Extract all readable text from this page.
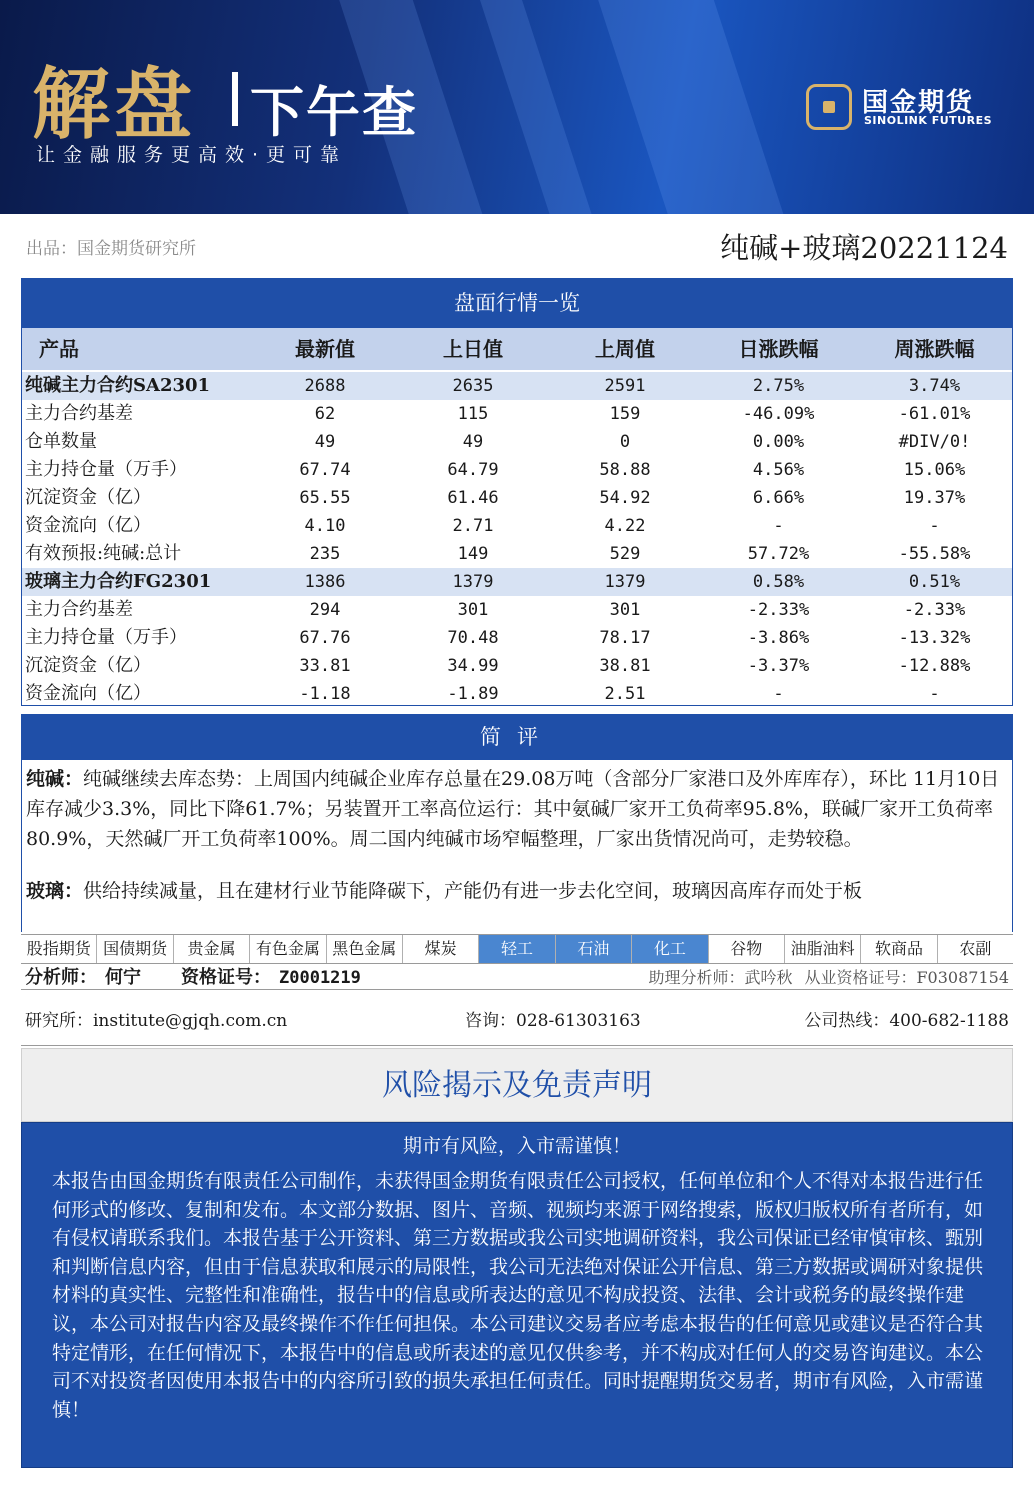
解盘 下午查
让金融服务更高效·更可靠
国金期货
SINOLINK FUTURES
出品：国金期货研究所	纯碱+玻璃20221124
盘面行情一览
产品	最新值	上日值	上周值	日涨跌幅	周涨跌幅
纯碱主力合约SA2301	2688	2635	2591	2.75%	3.74%
主力合约基差	62	115	159	-46.09%	-61.01%
仓单数量	49	49	0	0.00%	#DIV/0!
主力持仓量（万手）	67.74	64.79	58.88	4.56%	15.06%
沉淀资金（亿）	65.55	61.46	54.92	6.66%	19.37%
资金流向（亿）	4.10	2.71	4.22	-	-
有效预报:纯碱:总计	235	149	529	57.72%	-55.58%
玻璃主力合约FG2301	1386	1379	1379	0.58%	0.51%
主力合约基差	294	301	301	-2.33%	-2.33%
主力持仓量（万手）	67.76	70.48	78.17	-3.86%	-13.32%
沉淀资金（亿）	33.81	34.99	38.81	-3.37%	-12.88%
资金流向（亿）	-1.18	-1.89	2.51	-	-
简评

纯碱：纯碱继续去库态势：上周国内纯碱企业库存总量在29.08万吨（含部分厂家港口及外库库存），环比 11月10日库存减少3.3%，同比下降61.7%；另装置开工率高位运行：其中氨碱厂家开工负荷率95.8%，联碱厂家开工负荷率80.9%，天然碱厂开工负荷率100%。周二国内纯碱市场窄幅整理，厂家出货情况尚可，走势较稳。

玻璃：供给持续减量，且在建材行业节能降碳下，产能仍有进一步去化空间，玻璃因高库存而处于板

股指期货 国债期货	贵金属	有色金属 黑色金属	煤炭	轻工	石油	化工	谷物	油脂油料	软商品	农副
分析师： 何宁 资格证号： Z0001219	助理分析师：武吟秋 从业资格证号：F03087154
研究所：institute@gjqh.com.cn	咨询：028-61303163	公司热线：400-682-1188
风险揭示及免责声明
期市有风险，入市需谨慎！
本报告由国金期货有限责任公司制作，未获得国金期货有限责任公司授权，任何单位和个人不得对本报告进行任何形式的修改、复制和发布。本文部分数据、图片、音频、视频均来源于网络搜索，版权归版权所有者所有，如有侵权请联系我们。本报告基于公开资料、第三方数据或我公司实地调研资料，我公司保证已经审慎审核、甄别和判断信息内容，但由于信息获取和展示的局限性，我公司无法绝对保证公开信息、第三方数据或调研对象提供材料的真实性、完整性和准确性，报告中的信息或所表达的意见不构成投资、法律、会计或税务的最终操作建议，本公司对报告内容及最终操作不作任何担保。本公司建议交易者应考虑本报告的任何意见或建议是否符合其特定情形，在任何情况下，本报告中的信息或所表述的意见仅供参考，并不构成对任何人的交易咨询建议。本公司不对投资者因使用本报告中的内容所引致的损失承担任何责任。同时提醒期货交易者，期市有风险，入市需谨慎！
